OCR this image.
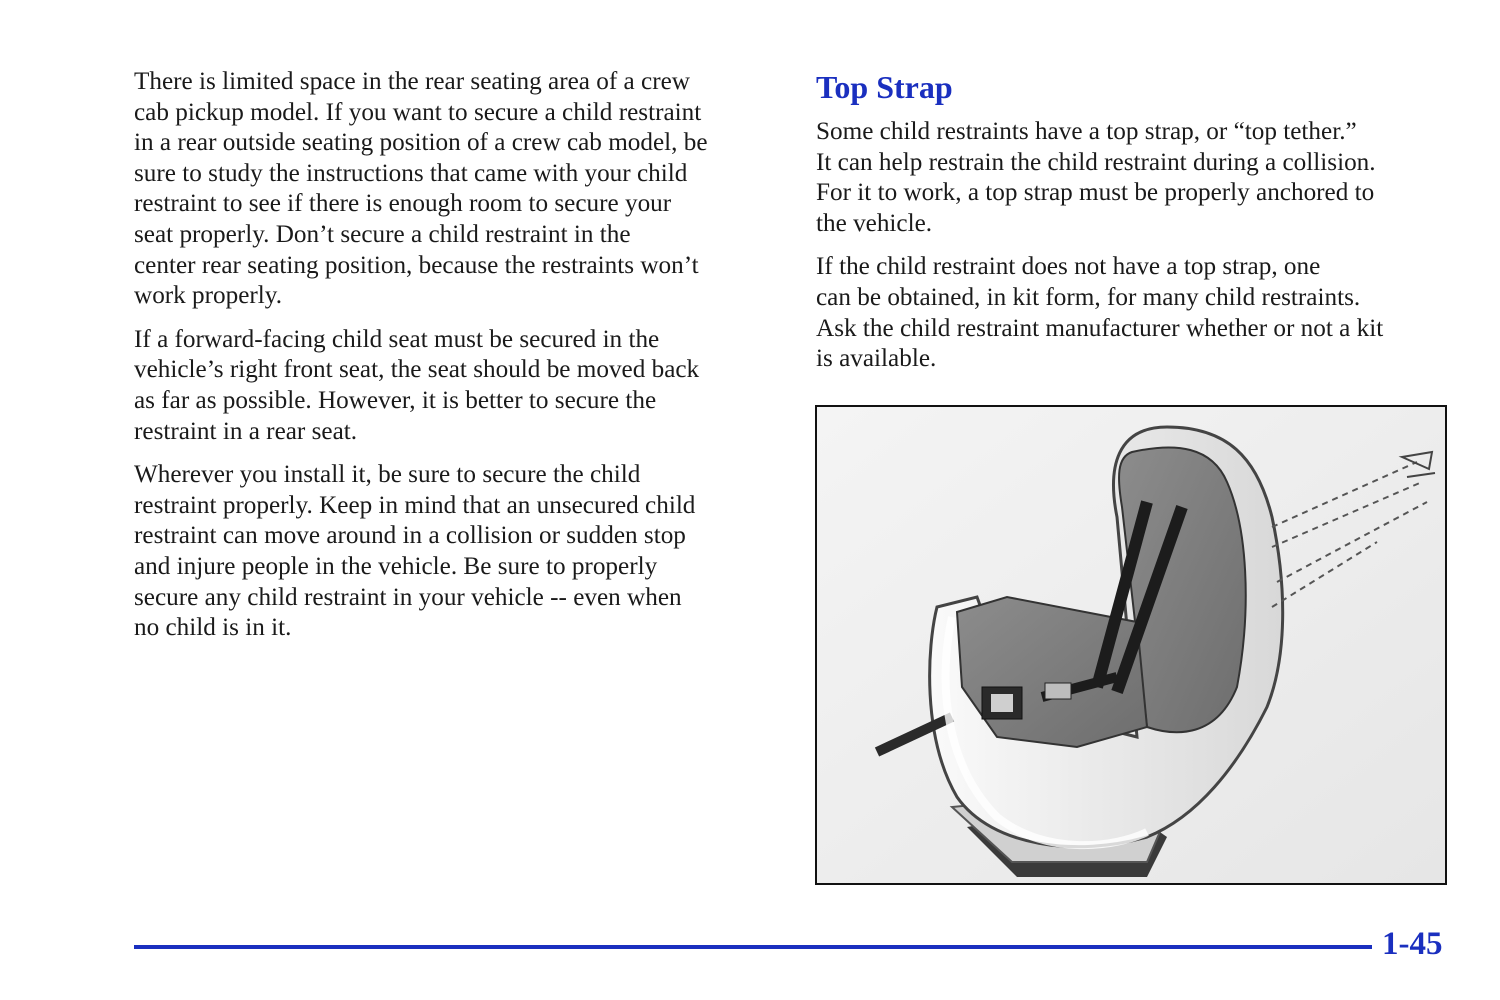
There is limited space in the rear seating area of a crew
cab pickup model. If you want to secure a child restraint
in a rear outside seating position of a crew cab model, be
sure to study the instructions that came with your child
restraint to see if there is enough room to secure your
seat properly. Don’t secure a child restraint in the
center rear seating position, because the restraints won’t
work properly.

If a forward-facing child seat must be secured in the
vehicle’s right front seat, the seat should be moved back
as far as possible. However, it is better to secure the
restraint in a rear seat.

Wherever you install it, be sure to secure the child
restraint properly. Keep in mind that an unsecured child
restraint can move around in a collision or sudden stop
and injure people in the vehicle. Be sure to properly
secure any child restraint in your vehicle -- even when
no child is in it.

Top Strap

Some child restraints have a top strap, or “top tether.”
It can help restrain the child restraint during a collision.
For it to work, a top strap must be properly anchored to
the vehicle.

If the child restraint does not have a top strap, one
can be obtained, in kit form, for many child restraints.
Ask the child restraint manufacturer whether or not a kit
is available.

1-45
